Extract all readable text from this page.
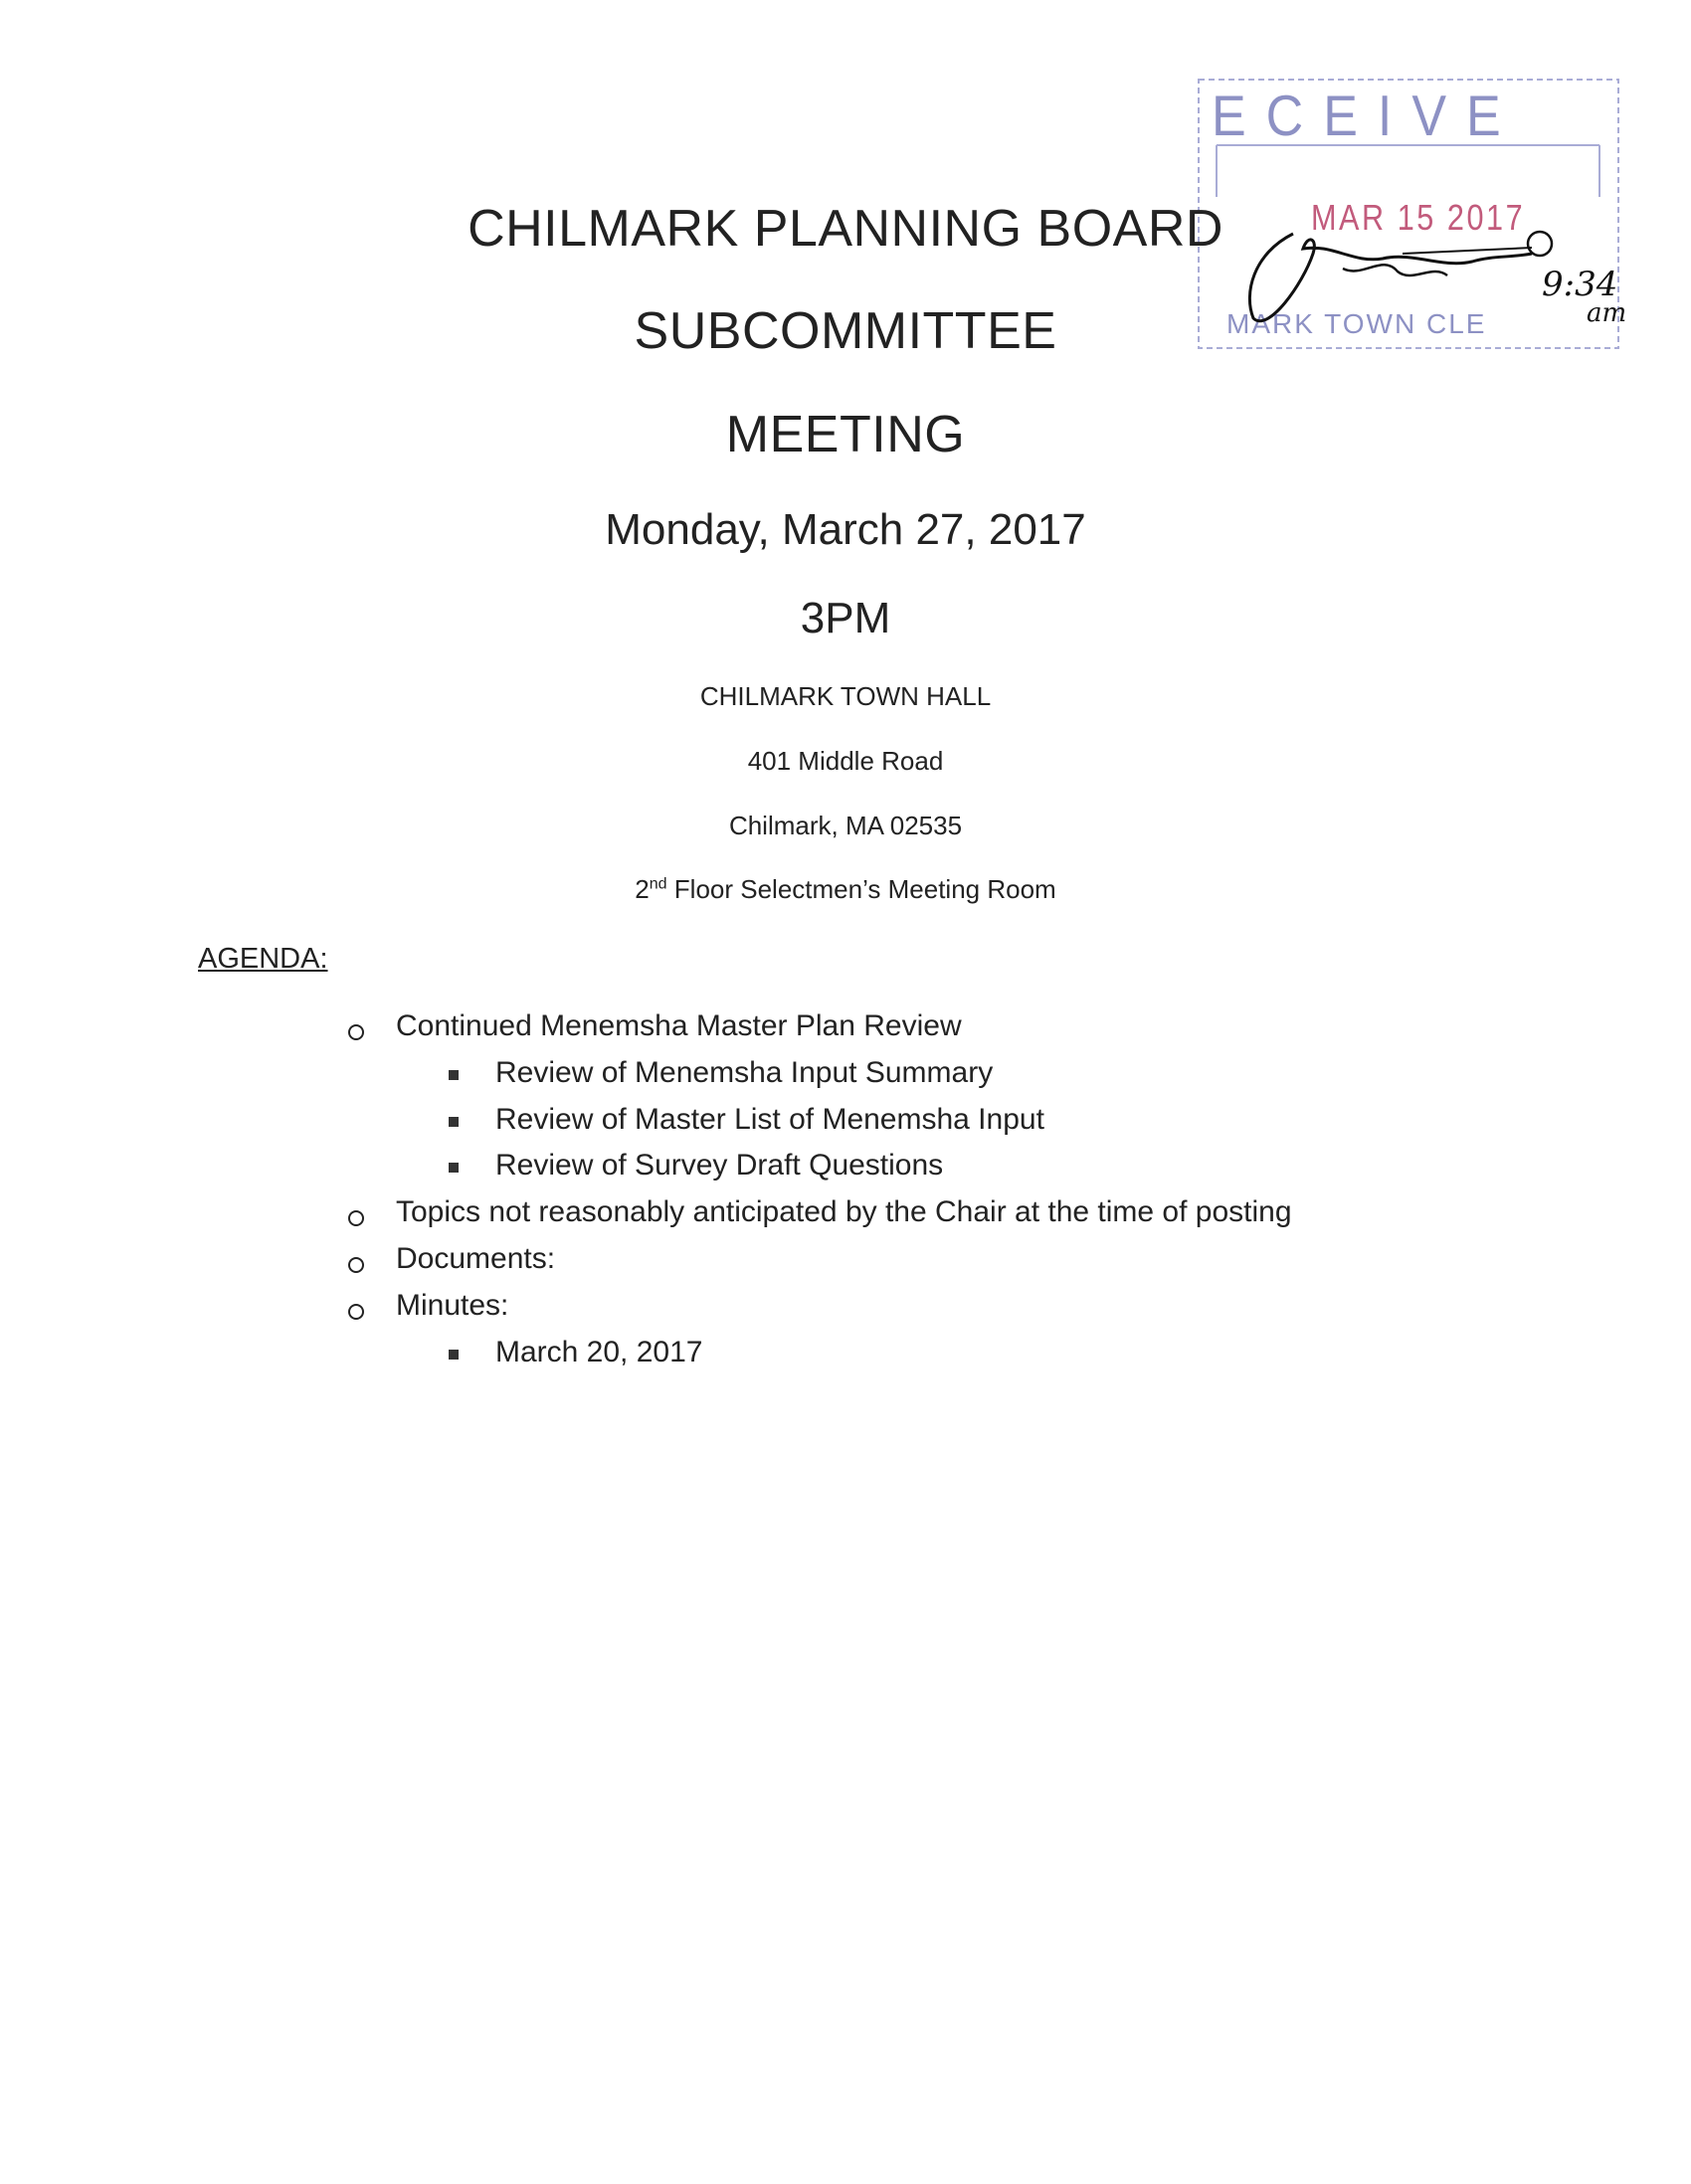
ECEIVE
MAR 15 2017
MARK TOWN CLE
9:34
am
CHILMARK PLANNING BOARD
SUBCOMMITTEE
MEETING
Monday, March 27, 2017
3PM
CHILMARK TOWN HALL
401 Middle Road
Chilmark, MA 02535
2nd Floor Selectmen’s Meeting Room
AGENDA:
Continued Menemsha Master Plan Review
Review of Menemsha Input Summary
Review of Master List of Menemsha Input
Review of Survey Draft Questions
Topics not reasonably anticipated by the Chair at the time of posting
Documents:
Minutes:
March 20, 2017
